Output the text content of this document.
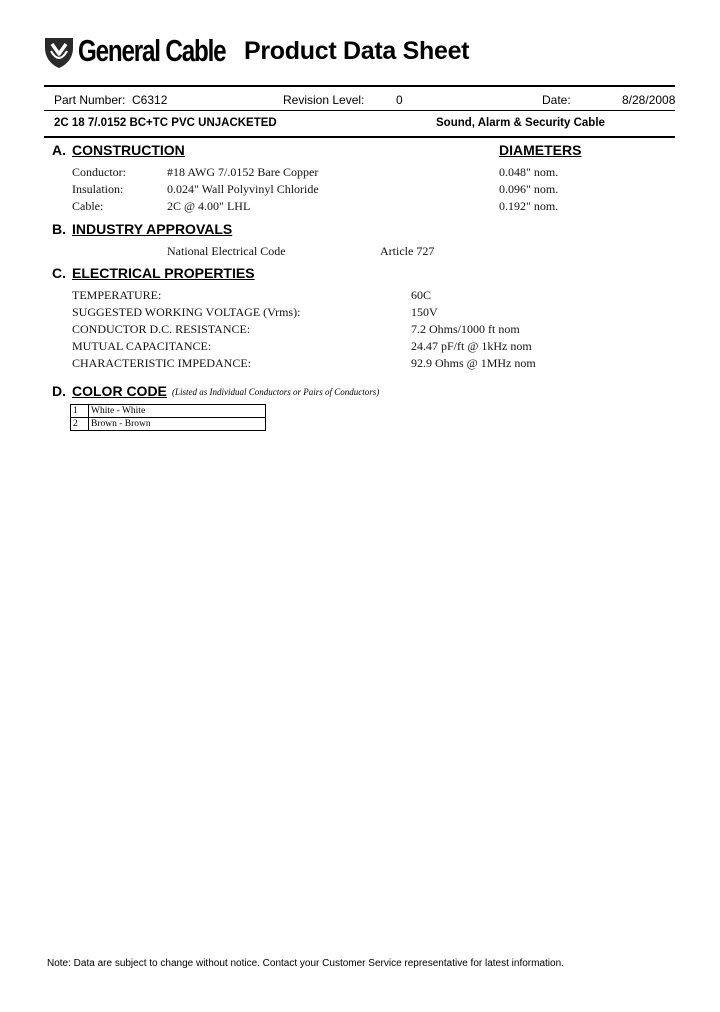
General Cable Product Data Sheet
Part Number: C6312	Revision Level:	0	Date:	8/28/2008
2C 18 7/.0152 BC+TC PVC UNJACKETED	Sound, Alarm & Security Cable
A. CONSTRUCTION	DIAMETERS
Conductor:	#18 AWG 7/.0152 Bare Copper	0.048" nom.
Insulation:	0.024" Wall Polyvinyl Chloride	0.096" nom.
Cable:	2C @ 4.00" LHL	0.192" nom.
B. INDUSTRY APPROVALS
National Electrical Code	Article 727
C. ELECTRICAL PROPERTIES
TEMPERATURE:	60C
SUGGESTED WORKING VOLTAGE (Vrms):	150V
CONDUCTOR D.C. RESISTANCE:	7.2 Ohms/1000 ft nom
MUTUAL CAPACITANCE:	24.47 pF/ft @ 1kHz nom
CHARACTERISTIC IMPEDANCE:	92.9 Ohms @ 1MHz nom
D. COLOR CODE (Listed as Individual Conductors or Pairs of Conductors)
1	White - White
2	Brown - Brown
Note: Data are subject to change without notice. Contact your Customer Service representative for latest information.
